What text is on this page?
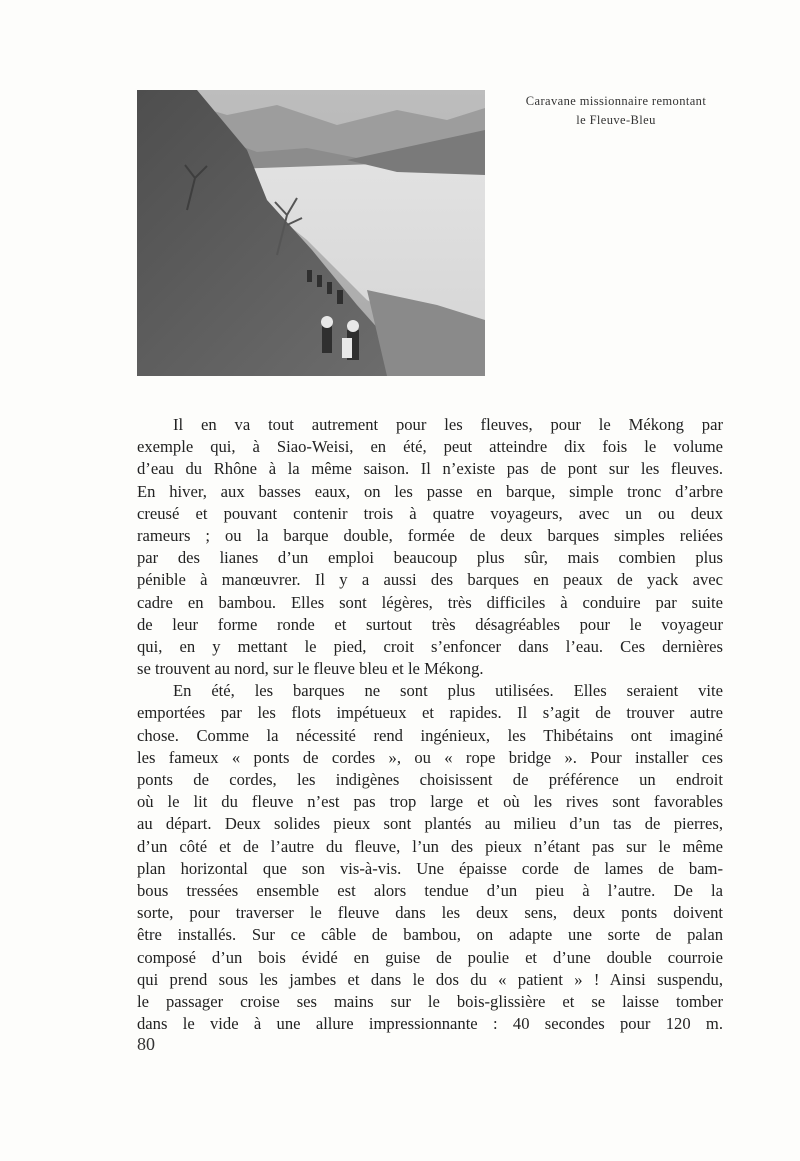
Caravane missionnaire remontant
le Fleuve-Bleu

Il en va tout autrement pour les fleuves, pour le Mékong par
exemple qui, à Siao-Weisi, en été, peut atteindre dix fois le volume
d’eau du Rhône à la même saison. Il n’existe pas de pont sur les fleuves.
En hiver, aux basses eaux, on les passe en barque, simple tronc d’arbre
creusé et pouvant contenir trois à quatre voyageurs, avec un ou deux
rameurs ; ou la barque double, formée de deux barques simples reliées
par des lianes d’un emploi beaucoup plus sûr, mais combien plus
pénible à manœuvrer. Il y a aussi des barques en peaux de yack avec
cadre en bambou. Elles sont légères, très difficiles à conduire par suite
de leur forme ronde et surtout très désagréables pour le voyageur
qui, en y mettant le pied, croit s’enfoncer dans l’eau. Ces dernières
se trouvent au nord, sur le fleuve bleu et le Mékong.

En été, les barques ne sont plus utilisées. Elles seraient vite
emportées par les flots impétueux et rapides. Il s’agit de trouver autre
chose. Comme la nécessité rend ingénieux, les Thibétains ont imaginé
les fameux « ponts de cordes », ou « rope bridge ». Pour installer ces
ponts de cordes, les indigènes choisissent de préférence un endroit
où le lit du fleuve n’est pas trop large et où les rives sont favorables
au départ. Deux solides pieux sont plantés au milieu d’un tas de pierres,
d’un côté et de l’autre du fleuve, l’un des pieux n’étant pas sur le même
plan horizontal que son vis-à-vis. Une épaisse corde de lames de bam-
bous tressées ensemble est alors tendue d’un pieu à l’autre. De la
sorte, pour traverser le fleuve dans les deux sens, deux ponts doivent
être installés. Sur ce câble de bambou, on adapte une sorte de palan
composé d’un bois évidé en guise de poulie et d’une double courroie
qui prend sous les jambes et dans le dos du « patient » ! Ainsi suspendu,
le passager croise ses mains sur le bois-glissière et se laisse tomber
dans le vide à une allure impressionnante : 40 secondes pour 120 m.

80
